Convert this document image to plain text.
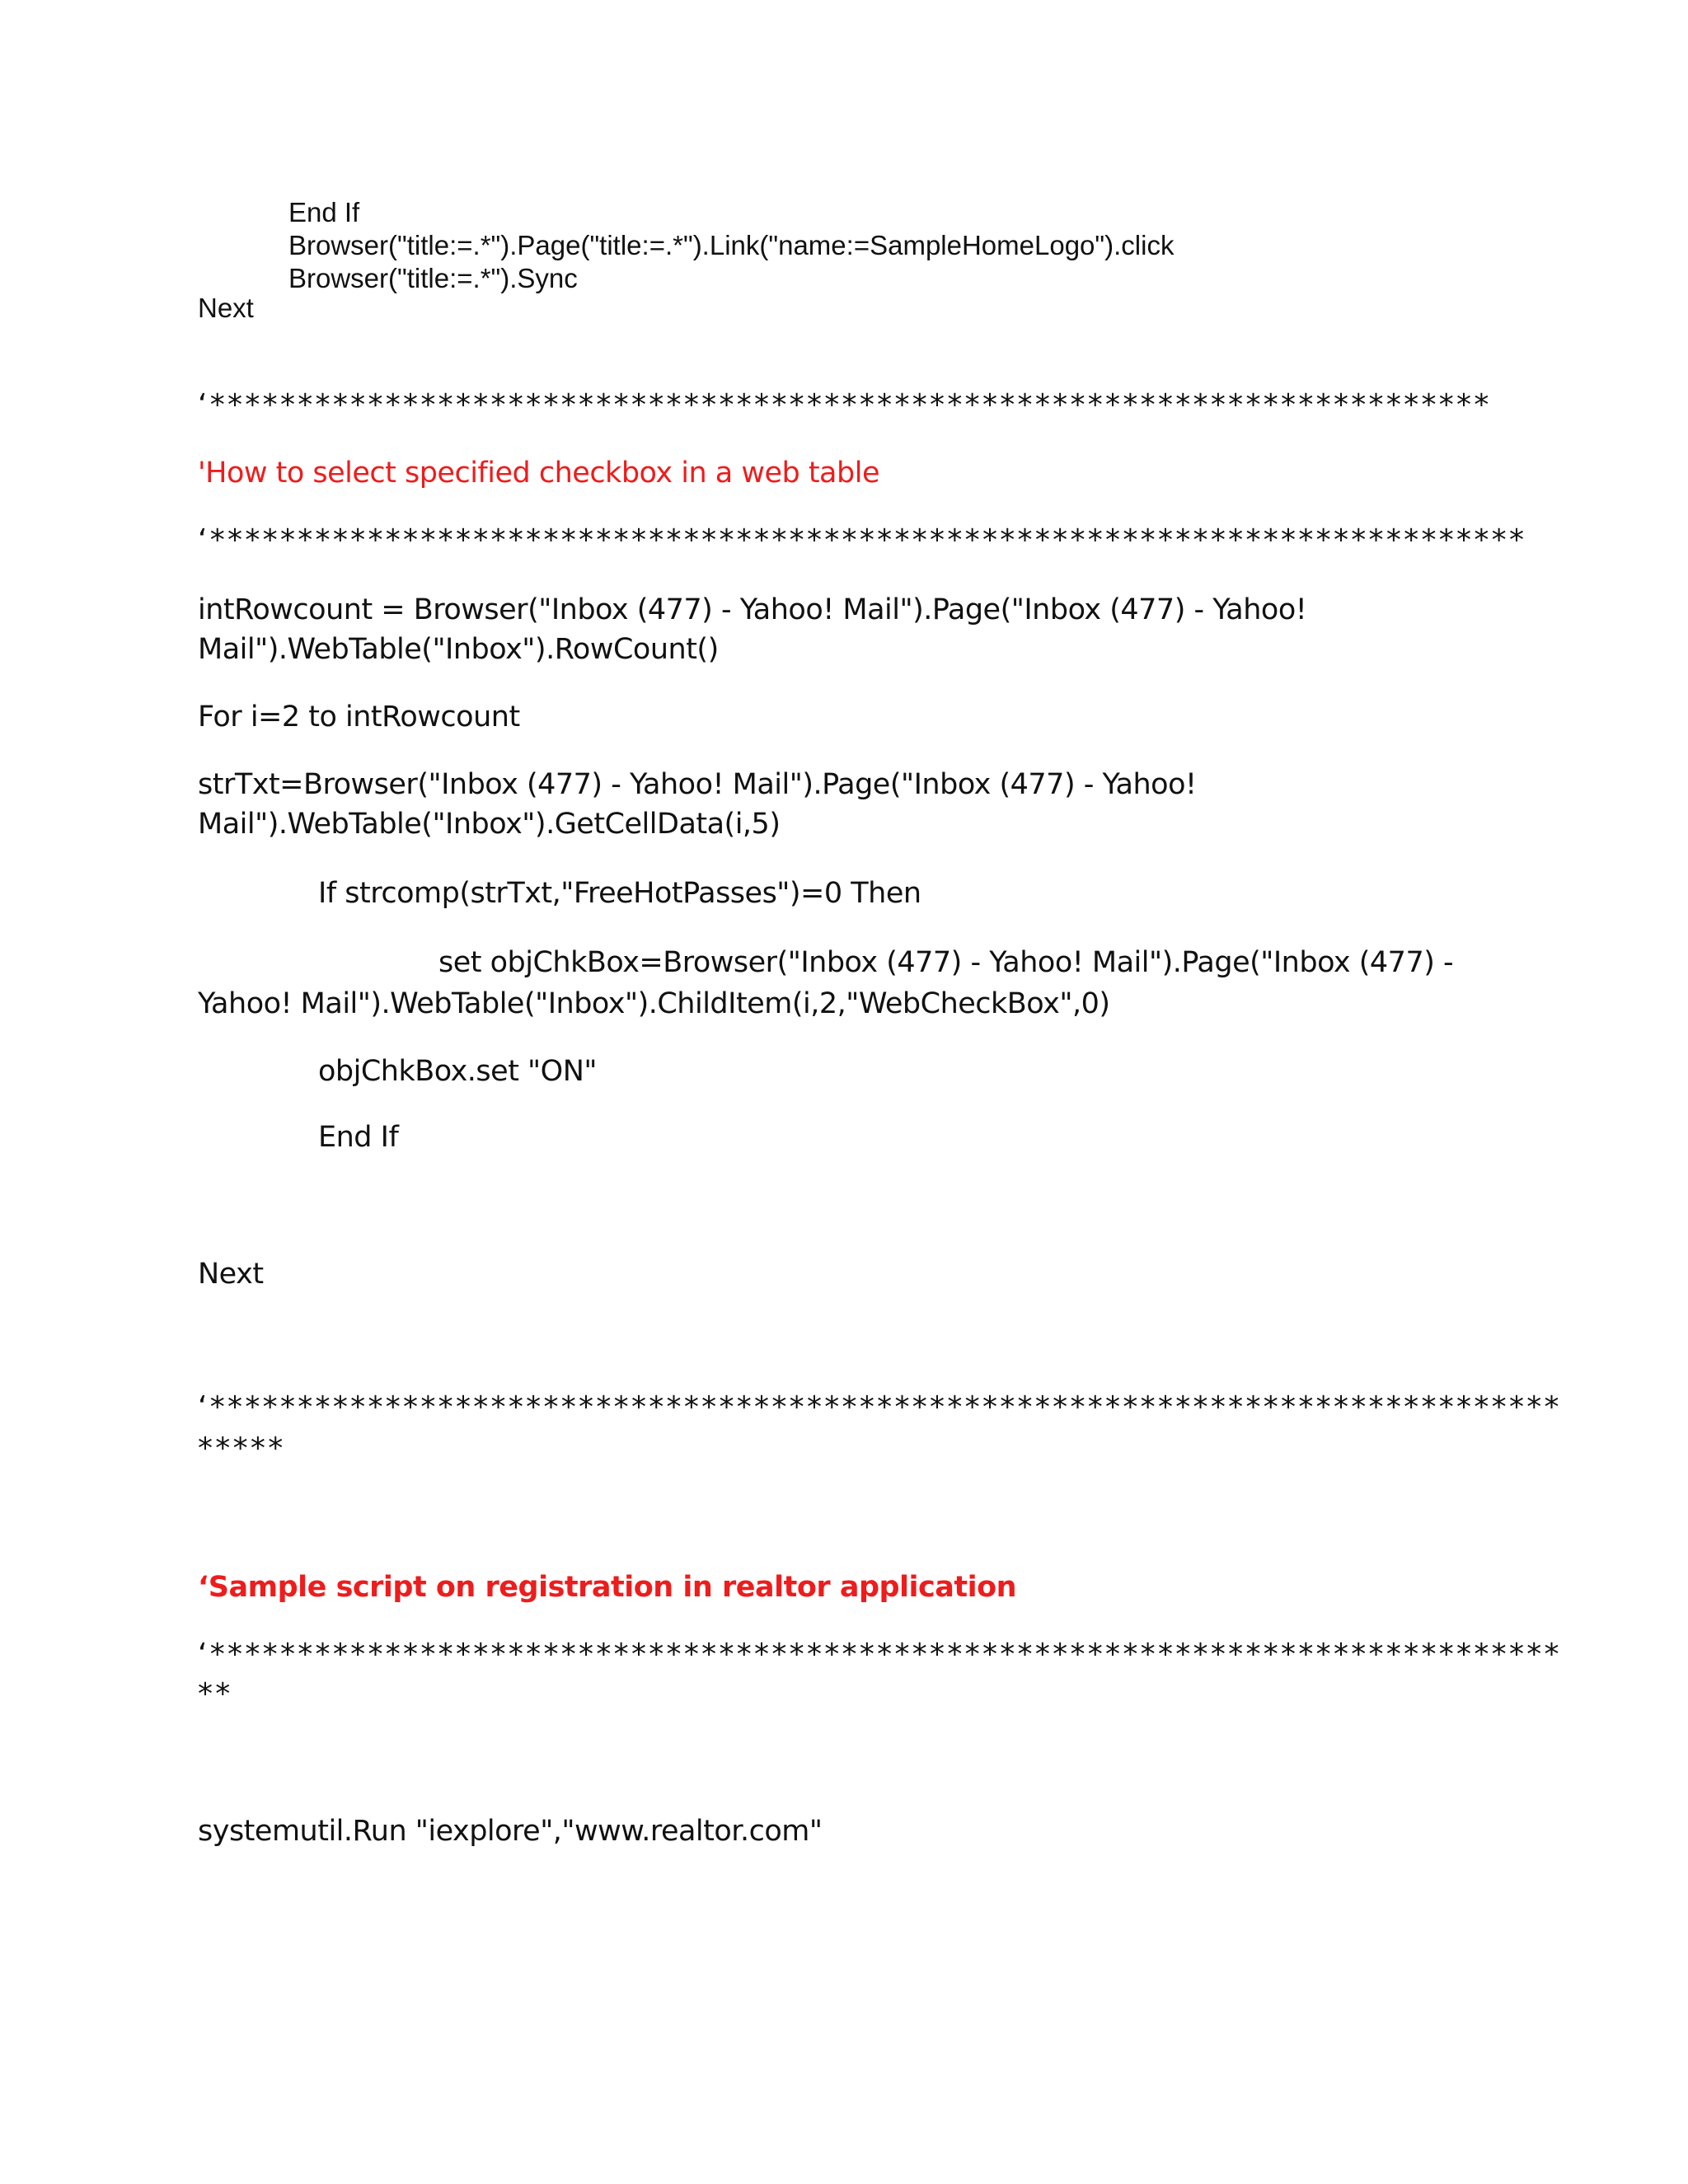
End If
Browser("title:=.*").Page("title:=.*").Link("name:=SampleHomeLogo").click
Browser("title:=.*").Sync
Next
‘*************************************************************************
'How to select specified checkbox in a web table
‘***************************************************************************
intRowcount = Browser("Inbox (477) - Yahoo! Mail").Page("Inbox (477) - Yahoo!
Mail").WebTable("Inbox").RowCount()
For i=2 to intRowcount
strTxt=Browser("Inbox (477) - Yahoo! Mail").Page("Inbox (477) - Yahoo!
Mail").WebTable("Inbox").GetCellData(i,5)
If strcomp(strTxt,"FreeHotPasses")=0 Then
set objChkBox=Browser("Inbox (477) - Yahoo! Mail").Page("Inbox (477) -
Yahoo! Mail").WebTable("Inbox").ChildItem(i,2,"WebCheckBox",0)
objChkBox.set "ON"
End If
Next
‘*****************************************************************************
*****
‘Sample script on registration in realtor application
‘*****************************************************************************
**
systemutil.Run "iexplore","www.realtor.com"
